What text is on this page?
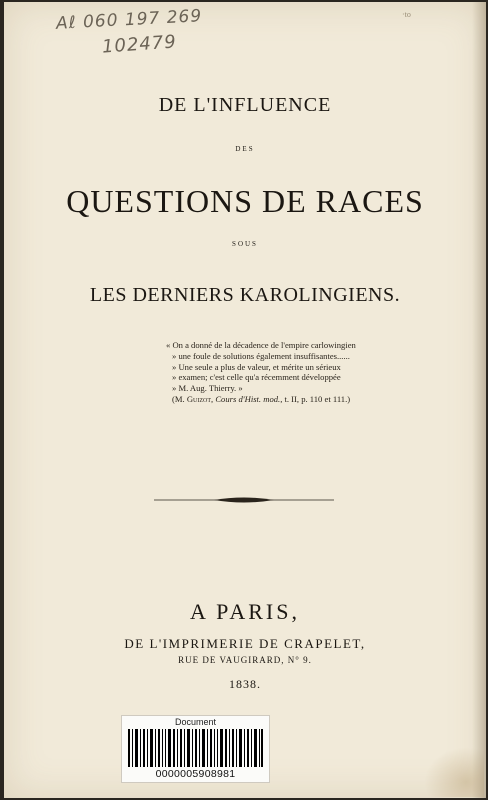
Aℓ 060 197 269
102479
·to
DE L'INFLUENCE
DES
QUESTIONS DE RACES
SOUS
LES DERNIERS KAROLINGIENS.
« On a donné de la décadence de l'empire carlowingien
» une foule de solutions également insuffisantes......
» Une seule a plus de valeur, et mérite un sérieux
» examen; c'est celle qu'a récemment développée
» M. Aug. Thierry. »
(M. Guizot, Cours d'Hist. mod., t. II, p. 110 et 111.)
A PARIS,
DE L'IMPRIMERIE DE CRAPELET,
RUE DE VAUGIRARD, N° 9.
1838.
Document
0000005908981
